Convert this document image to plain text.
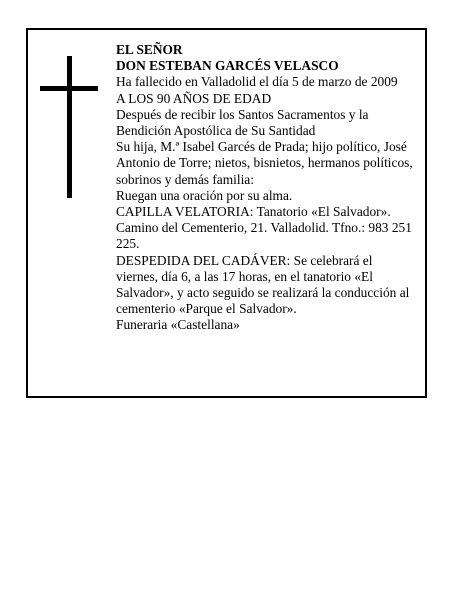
EL SEÑOR
DON ESTEBAN GARCÉS VELASCO
Ha fallecido en Valladolid el día 5 de marzo de 2009
A LOS 90 AÑOS DE EDAD
Después de recibir los Santos Sacramentos y la
Bendición Apostólica de Su Santidad
Su hija, M.ª Isabel Garcés de Prada; hijo político, José
Antonio de Torre; nietos, bisnietos, hermanos políticos,
sobrinos y demás familia:
Ruegan una oración por su alma.
CAPILLA VELATORIA: Tanatorio «El Salvador».
Camino del Cementerio, 21. Valladolid. Tfno.: 983 251
225.
DESPEDIDA DEL CADÁVER: Se celebrará el
viernes, día 6, a las 17 horas, en el tanatorio «El
Salvador», y acto seguido se realizará la conducción al
cementerio «Parque el Salvador».
Funeraria «Castellana»
